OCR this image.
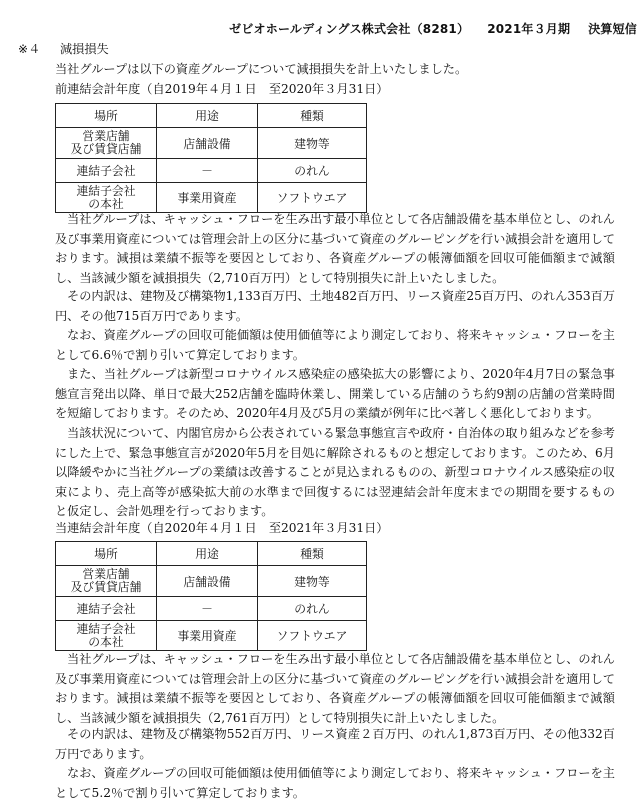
ゼビオホールディングス株式会社（8281） 2021年３月期 決算短信
※４ 減損損失

当社グループは以下の資産グループについて減損損失を計上いたしました。

前連結会計年度（自2019年４月１日　至2020年３月31日）

場所	用途	種類
営業店舗
及び賃貸店舗	店舗設備	建物等
連結子会社	－	のれん
連結子会社
の本社	事業用資産	ソフトウエア

当社グループは、キャッシュ・フローを生み出す最小単位として各店舗設備を基本単位とし、のれん及び事業用資産については管理会計上の区分に基づいて資産のグルーピングを行い減損会計を適用しております。減損は業績不振等を要因としており、各資産グループの帳簿価額を回収可能価額まで減額し、当該減少額を減損損失（2,710百万円）として特別損失に計上いたしました。

その内訳は、建物及び構築物1,133百万円、土地482百万円、リース資産25百万円、のれん353百万円、その他715百万円であります。

なお、資産グループの回収可能価額は使用価値等により測定しており、将来キャッシュ・フローを主として6.6％で割り引いて算定しております。

また、当社グループは新型コロナウイルス感染症の感染拡大の影響により、2020年4月7日の緊急事態宣言発出以降、単日で最大252店舗を臨時休業し、開業している店舗のうち約9割の店舗の営業時間を短縮しております。そのため、2020年4月及び5月の業績が例年に比べ著しく悪化しております。

当該状況について、内閣官房から公表されている緊急事態宣言や政府・自治体の取り組みなどを参考にした上で、緊急事態宣言が2020年5月を目処に解除されるものと想定しております。このため、6月以降緩やかに当社グループの業績は改善することが見込まれるものの、新型コロナウイルス感染症の収束により、売上高等が感染拡大前の水準まで回復するには翌連結会計年度末までの期間を要するものと仮定し、会計処理を行っております。

当連結会計年度（自2020年４月１日　至2021年３月31日）

場所	用途	種類
営業店舗
及び賃貸店舗	店舗設備	建物等
連結子会社	－	のれん
連結子会社
の本社	事業用資産	ソフトウエア

当社グループは、キャッシュ・フローを生み出す最小単位として各店舗設備を基本単位とし、のれん及び事業用資産については管理会計上の区分に基づいて資産のグルーピングを行い減損会計を適用しております。減損は業績不振等を要因としており、各資産グループの帳簿価額を回収可能価額まで減額し、当該減少額を減損損失（2,761百万円）として特別損失に計上いたしました。

その内訳は、建物及び構築物552百万円、リース資産２百万円、のれん1,873百万円、その他332百万円であります。

なお、資産グループの回収可能価額は使用価値等により測定しており、将来キャッシュ・フローを主として5.2％で割り引いて算定しております。
